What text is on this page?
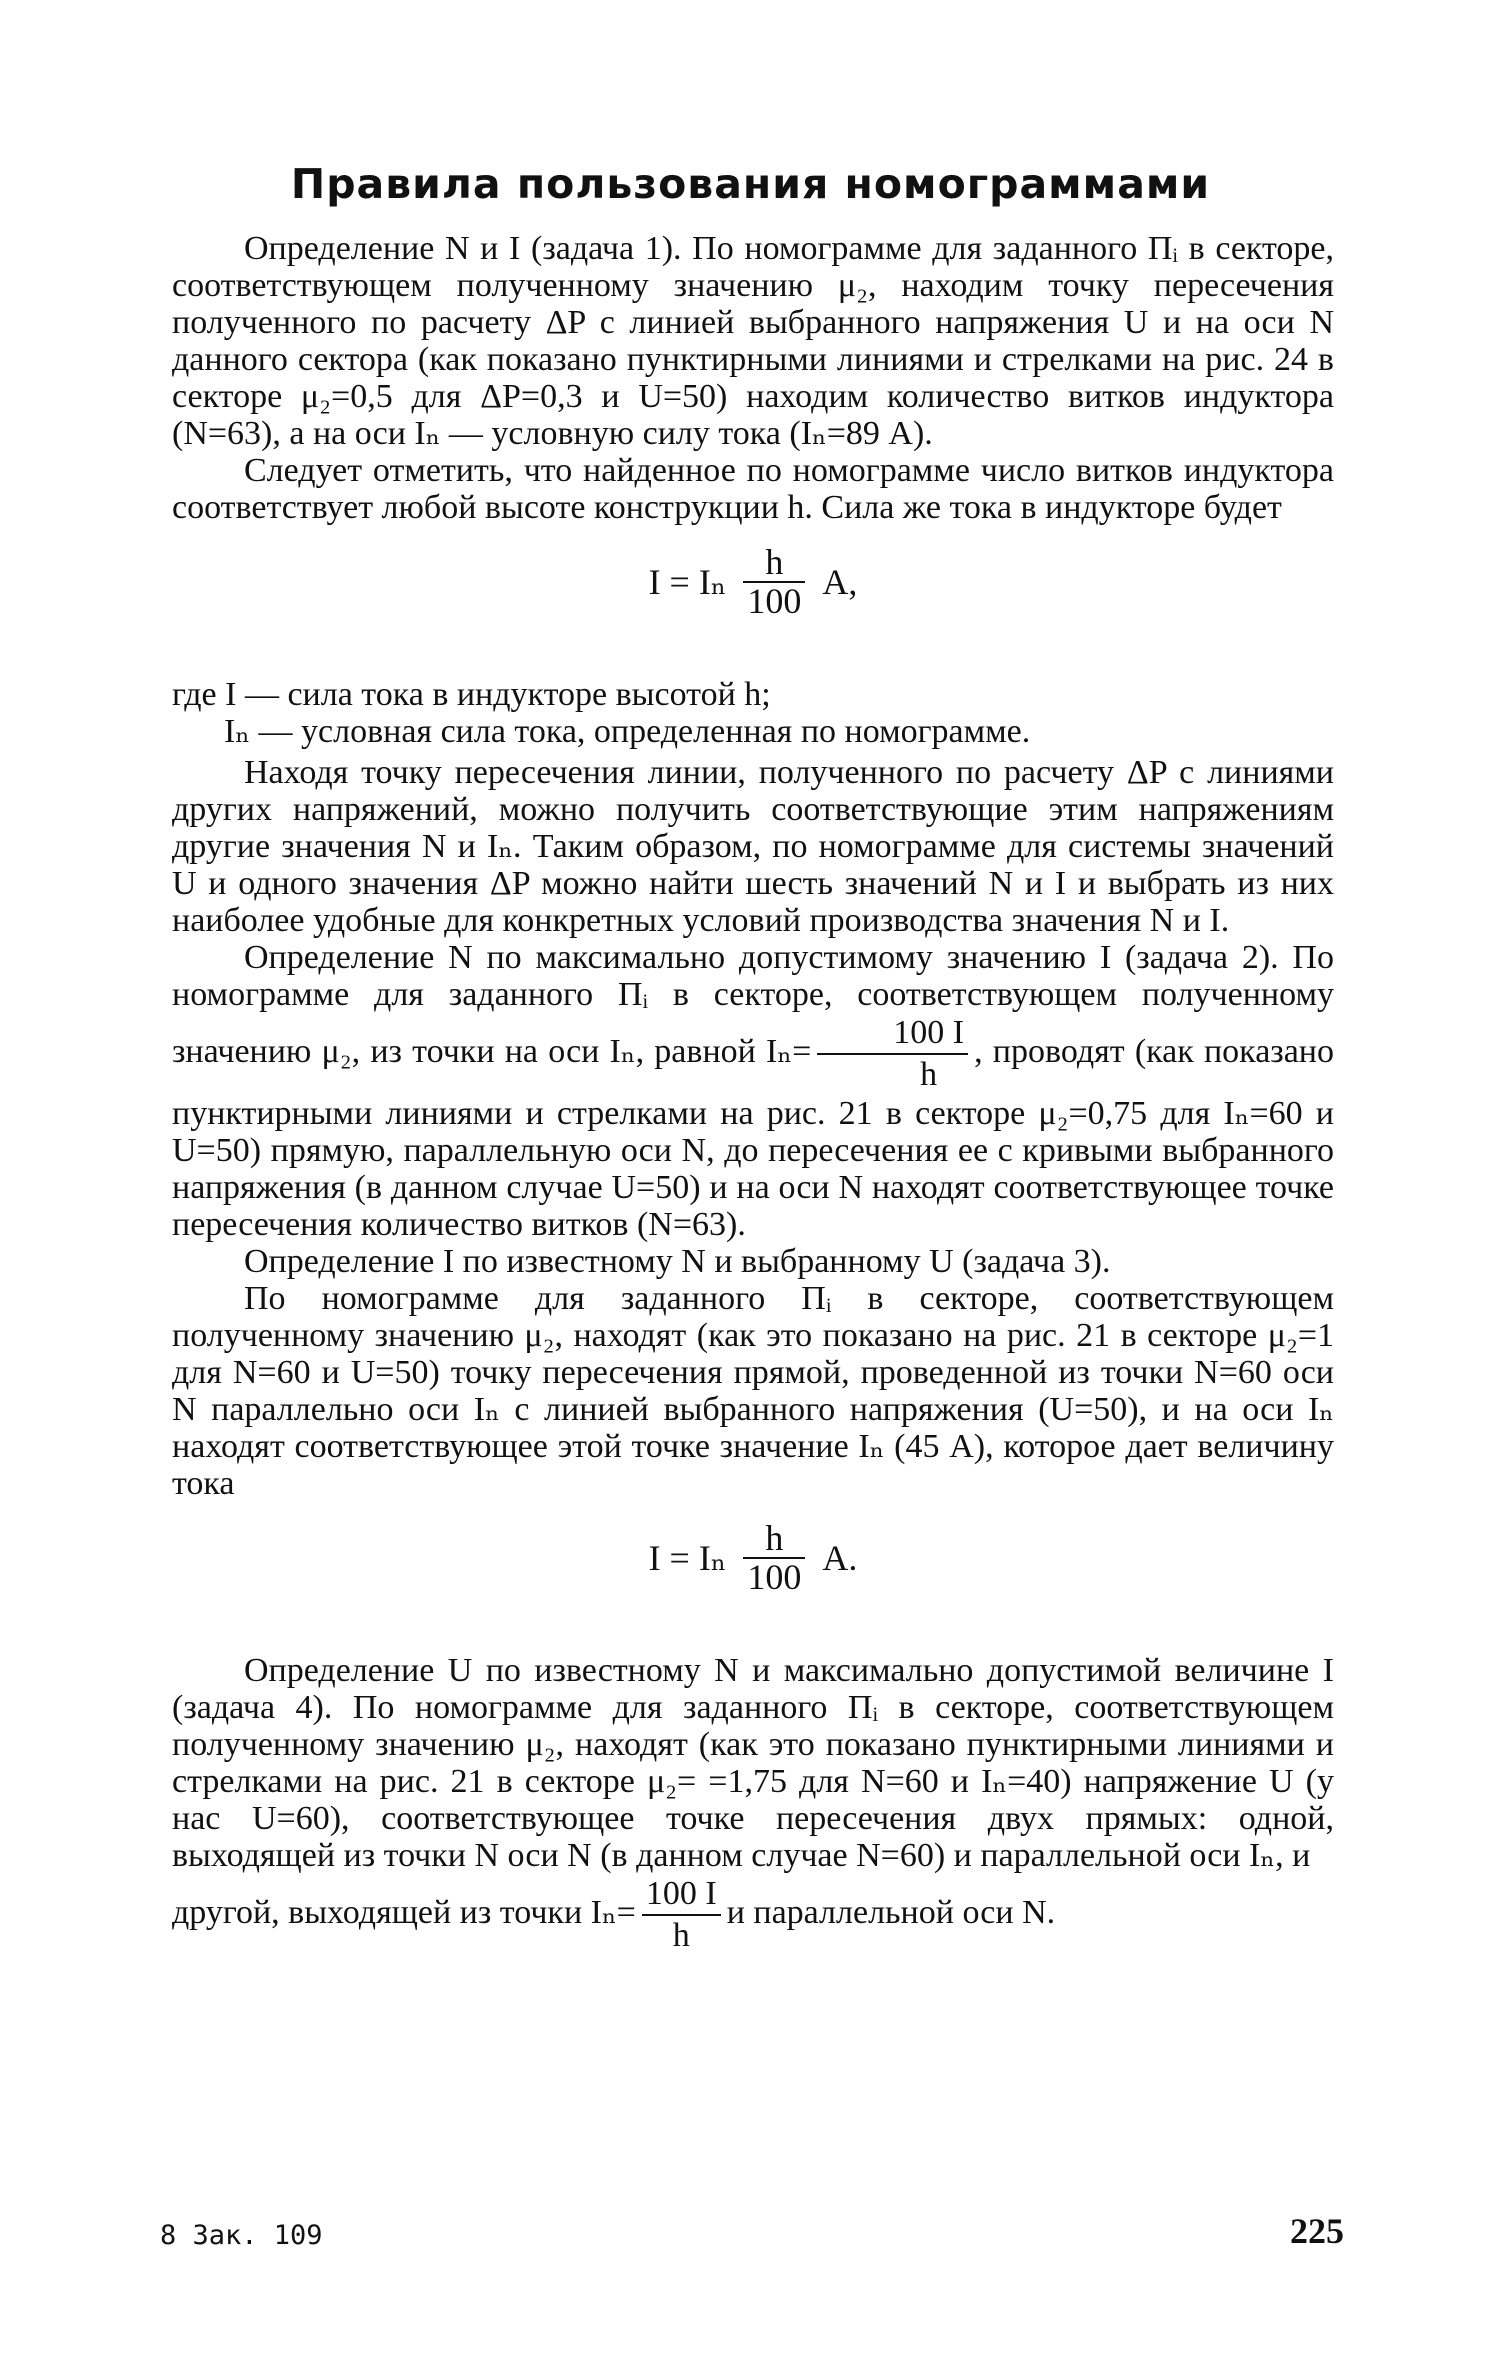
Правила пользования номограммами

Определение N и I (задача 1). По номограмме для заданного Пᵢ в секторе, соответствующем полученному значению μ₂, находим точку пересечения полученного по расчету ΔP с линией выбранного напряжения U и на оси N данного сектора (как показано пунктирными линиями и стрелками на рис. 24 в секторе μ₂=0,5 для ΔP=0,3 и U=50) находим количество витков индуктора (N=63), а на оси Iₙ — условную силу тока (Iₙ=89 А).

Следует отметить, что найденное по номограмме число витков индуктора соответствует любой высоте конструкции h. Сила же тока в индукторе будет

I = Iₙ $\frac{h}{100} А$,

где I — сила тока в индукторе высотой h;

Iₙ — условная сила тока, определенная по номограмме.

Находя точку пересечения линии, полученного по расчету ΔP с линиями других напряжений, можно получить соответствующие этим напряжениям другие значения N и Iₙ. Таким образом, по номограмме для системы значений U и одного значения ΔP можно найти шесть значений N и I и выбрать из них наиболее удобные для конкретных условий производства значения N и I.

Определение N по максимально допустимому значению I (задача 2). По номограмме для заданного Пᵢ в секторе, соответствующем полученному значению μ₂, из точки на оси Iₙ, равной $I_n= \frac{100 I}{h}$ , проводят (как показано пунктирными линиями и стрелками на рис. 21 в секторе μ₂=0,75 для Iₙ=60 и U=50) прямую, параллельную оси N, до пересечения ее с кривыми выбранного напряжения (в данном случае U=50) и на оси N находят соответствующее точке пересечения количество витков (N=63).

Определение I по известному N и выбранному U (задача 3).

По номограмме для заданного Пᵢ в секторе, соответствующем полученному значению μ₂, находят (как это показано на рис. 21 в секторе μ₂=1 для N=60 и U=50) точку пересечения прямой, проведенной из точки N=60 оси N параллельно оси Iₙ с линией выбранного напряжения (U=50), и на оси Iₙ находят соответствующее этой точке значение Iₙ (45 А), которое дает величину тока

I = Iₙ $\frac{h}{100} А$.

Определение U по известному N и максимально допустимой величине I (задача 4). По номограмме для заданного Пᵢ в секторе, соответствующем полученному значению μ₂, находят (как это показано пунктирными линиями и стрелками на рис. 21 в секторе μ₂= =1,75 для N=60 и Iₙ=40) напряжение U (у нас U=60), соответствующее точке пересечения двух прямых: одной, выходящей из точки N оси N (в данном случае N=60) и параллельной оси Iₙ, и

другой, выходящей из точки $I_n= \frac{100 I}{h}$ и параллельной оси N.

8 Зак. 109	225
